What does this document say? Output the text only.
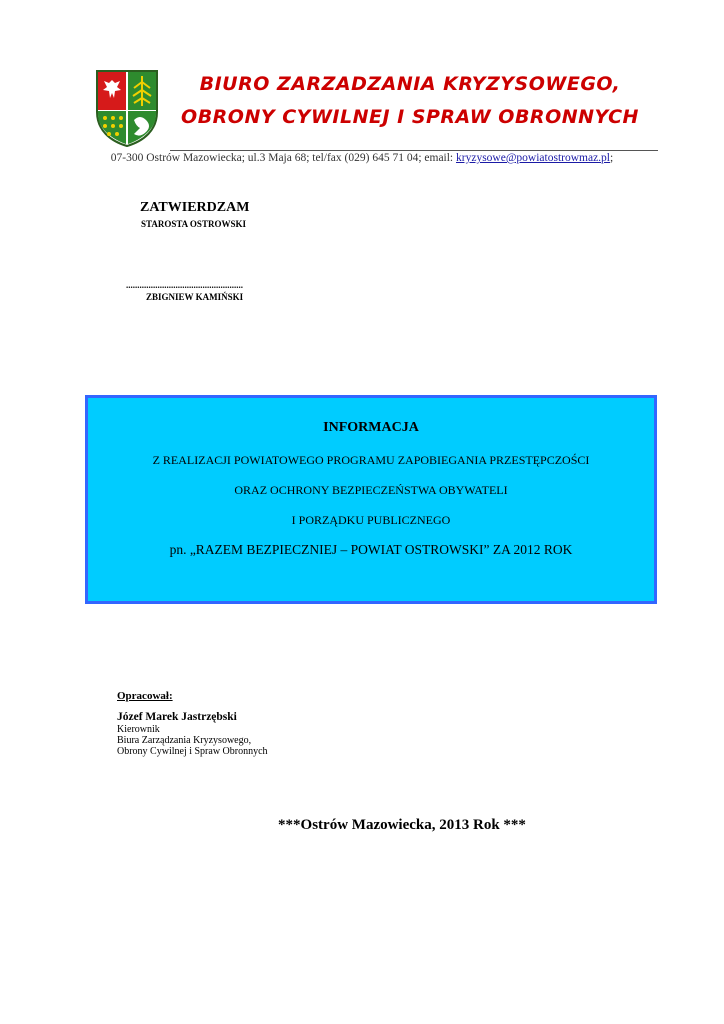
BIURO ZARZADZANIA KRYZYSOWEGO,
OBRONY CYWILNEJ I SPRAW OBRONNYCH
07-300 Ostrów Mazowiecka; ul.3 Maja 68; tel/fax (029) 645 71 04; email: kryzysowe@powiatostrowmaz.pl;
ZATWIERDZAM
STAROSTA OSTROWSKI
....................................................
ZBIGNIEW KAMIŃSKI
INFORMACJA
Z REALIZACJI POWIATOWEGO PROGRAMU ZAPOBIEGANIA PRZESTĘPCZOŚCI
ORAZ OCHRONY BEZPIECZEŃSTWA OBYWATELI
I PORZĄDKU PUBLICZNEGO
pn. „RAZEM BEZPIECZNIEJ – POWIAT OSTROWSKI” ZA 2012 ROK
Opracował:
Józef Marek Jastrzębski
Kierownik
Biura Zarządzania Kryzysowego,
Obrony Cywilnej i Spraw Obronnych
***Ostrów Mazowiecka, 2013 Rok ***
